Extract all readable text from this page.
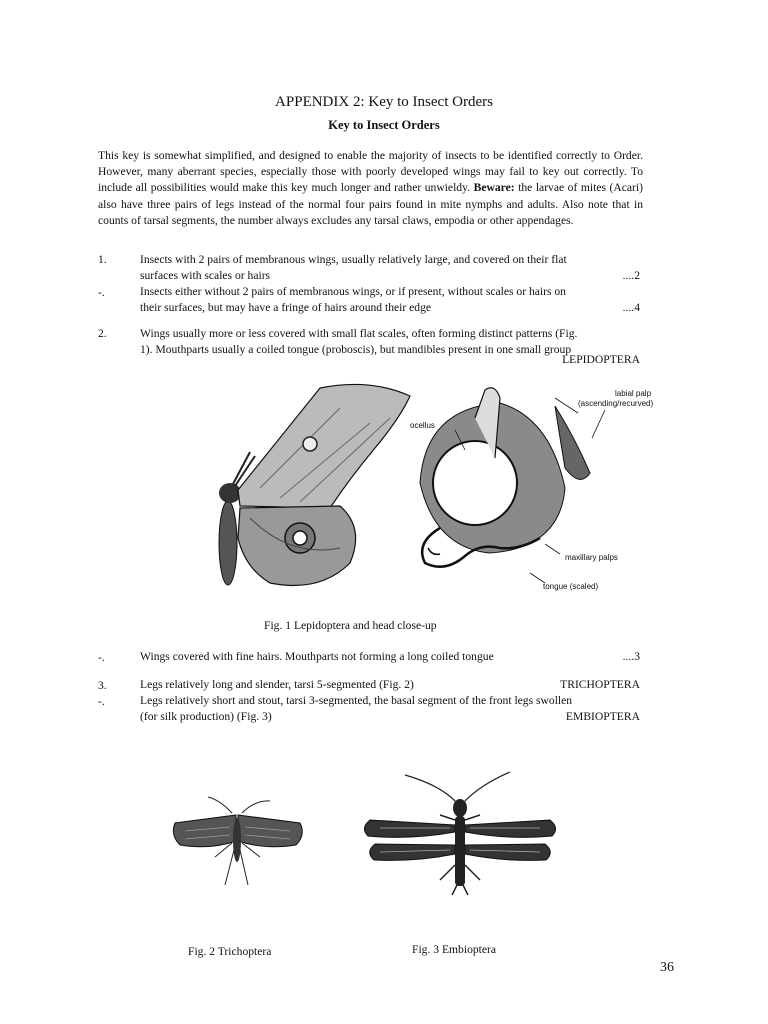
APPENDIX 2: Key to Insect Orders
Key to Insect Orders
This key is somewhat simplified, and designed to enable the majority of insects to be identified correctly to Order. However, many aberrant species, especially those with poorly developed wings may fail to key out correctly. To include all possibilities would make this key much longer and rather unwieldy. Beware: the larvae of mites (Acari) also have three pairs of legs instead of the normal four pairs found in mite nymphs and adults. Also note that in counts of tarsal segments, the number always excludes any tarsal claws, empodia or other appendages.
1.	Insects with 2 pairs of membranous wings, usually relatively large, and covered on their flat
surfaces with scales or hairs	....2
-.	Insects either without 2 pairs of membranous wings, or if present, without scales or hairs on
their surfaces, but may have a fringe of hairs around their edge	....4
2.	Wings usually more or less covered with small flat scales, often forming distinct patterns (Fig.
1). Mouthparts usually a coiled tongue (proboscis), but mandibles present in one small group
LEPIDOPTERA
labial palp
(ascending/recurved)
ocellus
maxillary palps
tongue (scaled)
Fig. 1 Lepidoptera and head close-up
-.	Wings covered with fine hairs. Mouthparts not forming a long coiled tongue	....3
3.	Legs relatively long and slender, tarsi 5-segmented (Fig. 2)	TRICHOPTERA
-.	Legs relatively short and stout, tarsi 3-segmented, the basal segment of the front legs swollen
(for silk production) (Fig. 3)	EMBIOPTERA
Fig. 2 Trichoptera	Fig. 3 Embioptera
36
